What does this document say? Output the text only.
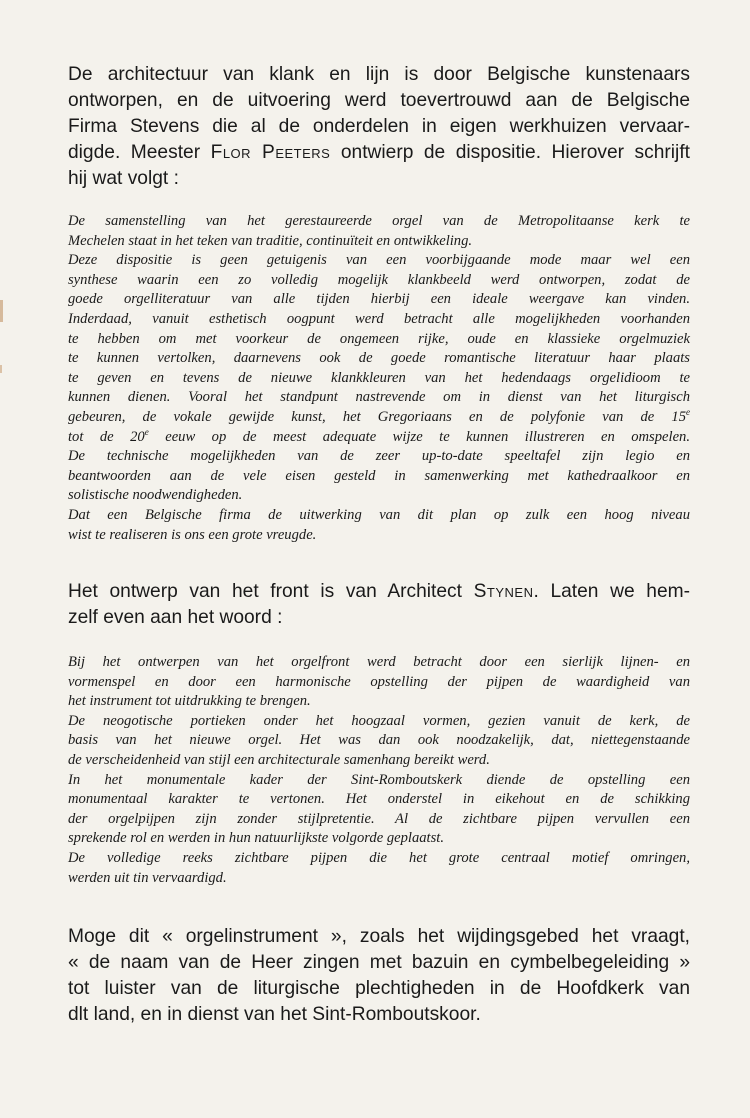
De architectuur van klank en lijn is door Belgische kunstenaars
ontworpen, en de uitvoering werd toevertrouwd aan de Belgische
Firma Stevens die al de onderdelen in eigen werkhuizen vervaar-
digde. Meester Flor Peeters ontwierp de dispositie. Hierover schrijft
hij wat volgt :
De samenstelling van het gerestaureerde orgel van de Metropolitaanse kerk te
Mechelen staat in het teken van traditie, continuïteit en ontwikkeling.
Deze dispositie is geen getuigenis van een voorbijgaande mode maar wel een
synthese waarin een zo volledig mogelijk klankbeeld werd ontworpen, zodat de
goede orgelliteratuur van alle tijden hierbij een ideale weergave kan vinden.
Inderdaad, vanuit esthetisch oogpunt werd betracht alle mogelijkheden voorhanden
te hebben om met voorkeur de ongemeen rijke, oude en klassieke orgelmuziek
te kunnen vertolken, daarnevens ook de goede romantische literatuur haar plaats
te geven en tevens de nieuwe klankkleuren van het hedendaags orgelidioom te
kunnen dienen. Vooral het standpunt nastrevende om in dienst van het liturgisch
gebeuren, de vokale gewijde kunst, het Gregoriaans en de polyfonie van de 15e
tot de 20e eeuw op de meest adequate wijze te kunnen illustreren en omspelen.
De technische mogelijkheden van de zeer up-to-date speeltafel zijn legio en
beantwoorden aan de vele eisen gesteld in samenwerking met kathedraalkoor en
solistische noodwendigheden.
Dat een Belgische firma de uitwerking van dit plan op zulk een hoog niveau
wist te realiseren is ons een grote vreugde.
Het ontwerp van het front is van Architect Stynen. Laten we hem-
zelf even aan het woord :
Bij het ontwerpen van het orgelfront werd betracht door een sierlijk lijnen- en
vormenspel en door een harmonische opstelling der pijpen de waardigheid van
het instrument tot uitdrukking te brengen.
De neogotische portieken onder het hoogzaal vormen, gezien vanuit de kerk, de
basis van het nieuwe orgel. Het was dan ook noodzakelijk, dat, niettegenstaande
de verscheidenheid van stijl een architecturale samenhang bereikt werd.
In het monumentale kader der Sint-Romboutskerk diende de opstelling een
monumentaal karakter te vertonen. Het onderstel in eikehout en de schikking
der orgelpijpen zijn zonder stijlpretentie. Al de zichtbare pijpen vervullen een
sprekende rol en werden in hun natuurlijkste volgorde geplaatst.
De volledige reeks zichtbare pijpen die het grote centraal motief omringen,
werden uit tin vervaardigd.
Moge dit « orgelinstrument », zoals het wijdingsgebed het vraagt,
« de naam van de Heer zingen met bazuin en cymbelbegeleiding »
tot luister van de liturgische plechtigheden in de Hoofdkerk van
dlt land, en in dienst van het Sint-Romboutskoor.
